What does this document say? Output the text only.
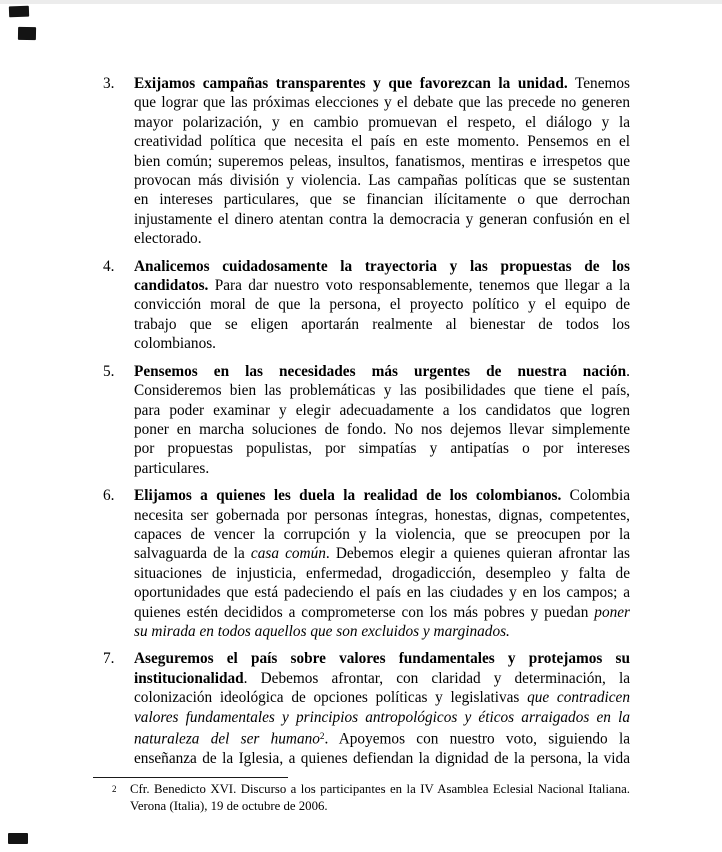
3. Exijamos campañas transparentes y que favorezcan la unidad. Tenemos
que lograr que las próximas elecciones y el debate que las precede no generen
mayor polarización, y en cambio promuevan el respeto, el diálogo y la
creatividad política que necesita el país en este momento. Pensemos en el
bien común; superemos peleas, insultos, fanatismos, mentiras e irrespetos que
provocan más división y violencia. Las campañas políticas que se sustentan
en intereses particulares, que se financian ilícitamente o que derrochan
injustamente el dinero atentan contra la democracia y generan confusión en el
electorado.
4. Analicemos cuidadosamente la trayectoria y las propuestas de los
candidatos. Para dar nuestro voto responsablemente, tenemos que llegar a la
convicción moral de que la persona, el proyecto político y el equipo de
trabajo que se eligen aportarán realmente al bienestar de todos los
colombianos.
5. Pensemos en las necesidades más urgentes de nuestra nación.
Consideremos bien las problemáticas y las posibilidades que tiene el país,
para poder examinar y elegir adecuadamente a los candidatos que logren
poner en marcha soluciones de fondo. No nos dejemos llevar simplemente
por propuestas populistas, por simpatías y antipatías o por intereses
particulares.
6. Elijamos a quienes les duela la realidad de los colombianos. Colombia
necesita ser gobernada por personas íntegras, honestas, dignas, competentes,
capaces de vencer la corrupción y la violencia, que se preocupen por la
salvaguarda de la casa común. Debemos elegir a quienes quieran afrontar las
situaciones de injusticia, enfermedad, drogadicción, desempleo y falta de
oportunidades que está padeciendo el país en las ciudades y en los campos; a
quienes estén decididos a comprometerse con los más pobres y puedan poner
su mirada en todos aquellos que son excluidos y marginados.
7. Aseguremos el país sobre valores fundamentales y protejamos su
institucionalidad. Debemos afrontar, con claridad y determinación, la
colonización ideológica de opciones políticas y legislativas que contradicen
valores fundamentales y principios antropológicos y éticos arraigados en la
naturaleza del ser humano$^2$. Apoyemos con nuestro voto, siguiendo la
enseñanza de la Iglesia, a quienes defiendan la dignidad de la persona, la vida
2 Cfr. Benedicto XVI. Discurso a los participantes en la IV Asamblea Eclesial Nacional Italiana.
Verona (Italia), 19 de octubre de 2006.
